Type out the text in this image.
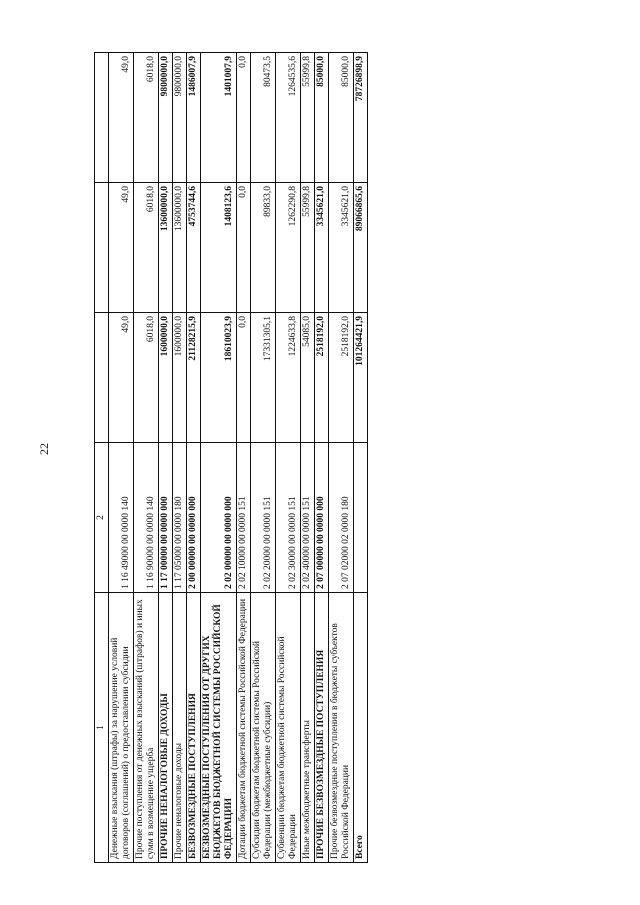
22
1	2			
Денежные взыскания (штрафы) за нарушение условий договоров (соглашений) о предоставлении субсидии	1 16 49000 00 0000 140	49,0	49,0	49,0
Прочие поступления от денежных взысканий (штрафов) и иных сумм в возмещение ущерба	1 16 90000 00 0000 140	6018,0	6018,0	6018,0
ПРОЧИЕ НЕНАЛОГОВЫЕ ДОХОДЫ	1 17 00000 00 0000 000	1600000,0	13600000,0	9800000,0
Прочие неналоговые доходы	1 17 05000 00 0000 180	1600000,0	13600000,0	9800000,0
БЕЗВОЗМЕЗДНЫЕ ПОСТУПЛЕНИЯ	2 00 00000 00 0000 000	21128215,9	4753744,6	1486007,9
БЕЗВОЗМЕЗДНЫЕ ПОСТУПЛЕНИЯ ОТ ДРУГИХ БЮДЖЕТОВ БЮДЖЕТНОЙ СИСТЕМЫ РОССИЙСКОЙ ФЕДЕРАЦИИ	2 02 00000 00 0000 000	18610023,9	1408123,6	1401007,9
Дотации бюджетам бюджетной системы Российской Федерации	2 02 10000 00 0000 151	0,0	0,0	0,0
Субсидии бюджетам бюджетной системы Российской Федерации (межбюджетные субсидии)	2 02 20000 00 0000 151	17331305,1	89833,0	80473,5
Субвенции бюджетам бюджетной системы Российской Федерации	2 02 30000 00 0000 151	1224633,8	1262290,8	1264535,6
Иные межбюджетные трансферты	2 02 40000 00 0000 151	54085,0	55999,8	55999,8
ПРОЧИЕ БЕЗВОЗМЕЗДНЫЕ ПОСТУПЛЕНИЯ	2 07 00000 00 0000 000	2518192,0	3345621,0	85000,0
Прочие безвозмездные поступления в бюджеты субъектов Российской Федерации	2 07 02000 02 0000 180	2518192,0	3345621,0	85000,0
Всего		101264421,9	89066865,6	78726898,9
